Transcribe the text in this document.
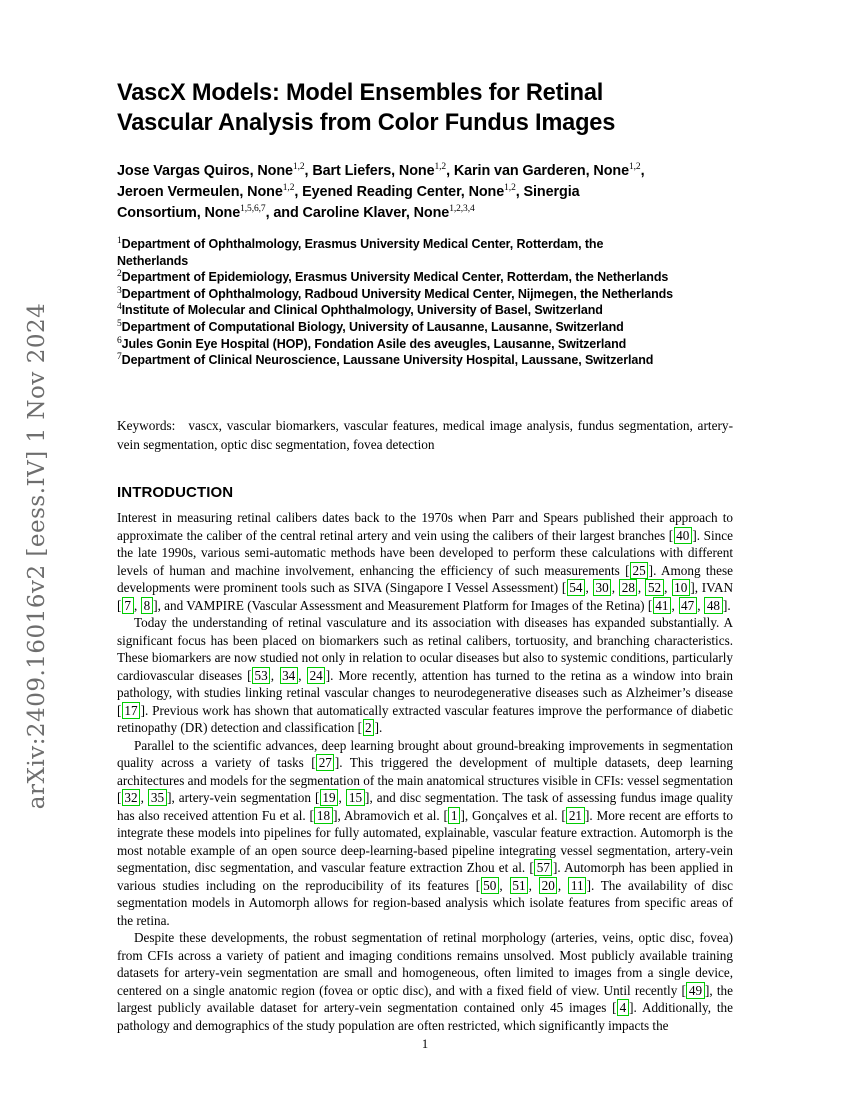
arXiv:2409.16016v2 [eess.IV] 1 Nov 2024
VascX Models: Model Ensembles for Retinal
Vascular Analysis from Color Fundus Images
Jose Vargas Quiros, None$^{1,2}$, Bart Liefers, None$^{1,2}$, Karin van Garderen, None$^{1,2}$,
Jeroen Vermeulen, None$^{1,2}$, Eyened Reading Center, None$^{1,2}$, Sinergia
Consortium, None$^{1,5,6,7}$, and Caroline Klaver, None$^{1,2,3,4}$
$^1$Department of Ophthalmology, Erasmus University Medical Center, Rotterdam, the
Netherlands
$^2$Department of Epidemiology, Erasmus University Medical Center, Rotterdam, the Netherlands
$^3$Department of Ophthalmology, Radboud University Medical Center, Nijmegen, the Netherlands
$^4$Institute of Molecular and Clinical Ophthalmology, University of Basel, Switzerland
$^5$Department of Computational Biology, University of Lausanne, Lausanne, Switzerland
$^6$Jules Gonin Eye Hospital (HOP), Fondation Asile des aveugles, Lausanne, Switzerland
$^7$Department of Clinical Neuroscience, Laussane University Hospital, Laussane, Switzerland
Keywords: vascx, vascular biomarkers, vascular features, medical image analysis, fundus segmentation, artery-vein segmentation, optic disc segmentation, fovea detection
INTRODUCTION

Interest in measuring retinal calibers dates back to the 1970s when Parr and Spears published their approach to approximate the caliber of the central retinal artery and vein using the calibers of their largest branches [ 40 ]. Since the late 1990s, various semi-automatic methods have been developed to perform these calculations with different levels of human and machine involvement, enhancing the efficiency of such measurements [ 25 ]. Among these developments were prominent tools such as SIVA (Singapore I Vessel Assessment) [ 54 , 30 , 28 , 52 , 10 ], IVAN [ 7 , 8 ], and VAMPIRE (Vascular Assessment and Measurement Platform for Images of the Retina) [ 41 , 47 , 48 ].

Today the understanding of retinal vasculature and its association with diseases has expanded substantially. A significant focus has been placed on biomarkers such as retinal calibers, tortuosity, and branching characteristics. These biomarkers are now studied not only in relation to ocular diseases but also to systemic conditions, particularly cardiovascular diseases [ 53 , 34 , 24 ]. More recently, attention has turned to the retina as a window into brain pathology, with studies linking retinal vascular changes to neurodegenerative diseases such as Alzheimer’s disease [ 17 ]. Previous work has shown that automatically extracted vascular features improve the performance of diabetic retinopathy (DR) detection and classification [ 2 ].

Parallel to the scientific advances, deep learning brought about ground-breaking improvements in segmentation quality across a variety of tasks [ 27 ]. This triggered the development of multiple datasets, deep learning architectures and models for the segmentation of the main anatomical structures visible in CFIs: vessel segmentation [ 32 , 35 ], artery-vein segmentation [ 19 , 15 ], and disc segmentation. The task of assessing fundus image quality has also received attention Fu et al. [ 18 ], Abramovich et al. [ 1 ], Gonçalves et al. [ 21 ]. More recent are efforts to integrate these models into pipelines for fully automated, explainable, vascular feature extraction. Automorph is the most notable example of an open source deep-learning-based pipeline integrating vessel segmentation, artery-vein segmentation, disc segmentation, and vascular feature extraction Zhou et al. [ 57 ]. Automorph has been applied in various studies including on the reproducibility of its features [ 50 , 51 , 20 , 11 ]. The availability of disc segmentation models in Automorph allows for region-based analysis which isolate features from specific areas of the retina.

Despite these developments, the robust segmentation of retinal morphology (arteries, veins, optic disc, fovea) from CFIs across a variety of patient and imaging conditions remains unsolved. Most publicly available training datasets for artery-vein segmentation are small and homogeneous, often limited to images from a single device, centered on a single anatomic region (fovea or optic disc), and with a fixed field of view. Until recently [ 49 ], the largest publicly available dataset for artery-vein segmentation contained only 45 images [ 4 ]. Additionally, the pathology and demographics of the study population are often restricted, which significantly impacts the

1
